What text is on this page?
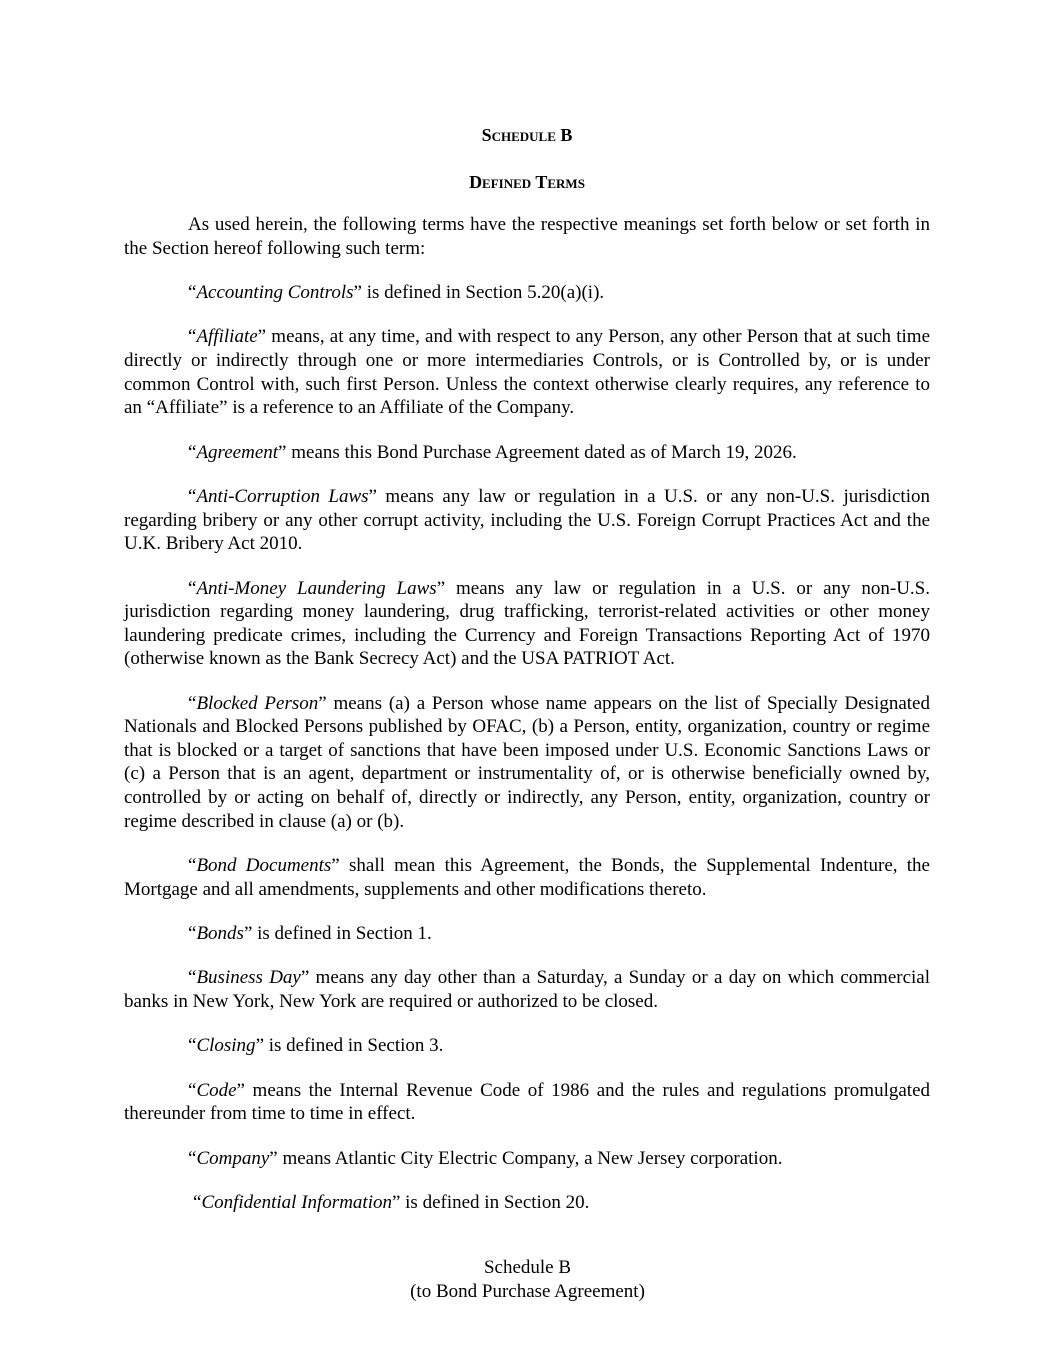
Schedule B
Defined Terms

As used herein, the following terms have the respective meanings set forth below or set forth in the Section hereof following such term:

“Accounting Controls” is defined in Section 5.20(a)(i).

“Affiliate” means, at any time, and with respect to any Person, any other Person that at such time directly or indirectly through one or more intermediaries Controls, or is Controlled by, or is under common Control with, such first Person. Unless the context otherwise clearly requires, any reference to an “Affiliate” is a reference to an Affiliate of the Company.

“Agreement” means this Bond Purchase Agreement dated as of March 19, 2026.

“Anti-Corruption Laws” means any law or regulation in a U.S. or any non-U.S. jurisdiction regarding bribery or any other corrupt activity, including the U.S. Foreign Corrupt Practices Act and the U.K. Bribery Act 2010.

“Anti-Money Laundering Laws” means any law or regulation in a U.S. or any non-U.S. jurisdiction regarding money laundering, drug trafficking, terrorist-related activities or other money laundering predicate crimes, including the Currency and Foreign Transactions Reporting Act of 1970 (otherwise known as the Bank Secrecy Act) and the USA PATRIOT Act.

“Blocked Person” means (a) a Person whose name appears on the list of Specially Designated Nationals and Blocked Persons published by OFAC, (b) a Person, entity, organization, country or regime that is blocked or a target of sanctions that have been imposed under U.S. Economic Sanctions Laws or (c) a Person that is an agent, department or instrumentality of, or is otherwise beneficially owned by, controlled by or acting on behalf of, directly or indirectly, any Person, entity, organization, country or regime described in clause (a) or (b).

“Bond Documents” shall mean this Agreement, the Bonds, the Supplemental Indenture, the Mortgage and all amendments, supplements and other modifications thereto.

“Bonds” is defined in Section 1.

“Business Day” means any day other than a Saturday, a Sunday or a day on which commercial banks in New York, New York are required or authorized to be closed.

“Closing” is defined in Section 3.

“Code” means the Internal Revenue Code of 1986 and the rules and regulations promulgated thereunder from time to time in effect.

“Company” means Atlantic City Electric Company, a New Jersey corporation.

“Confidential Information” is defined in Section 20.

Schedule B
(to Bond Purchase Agreement)
